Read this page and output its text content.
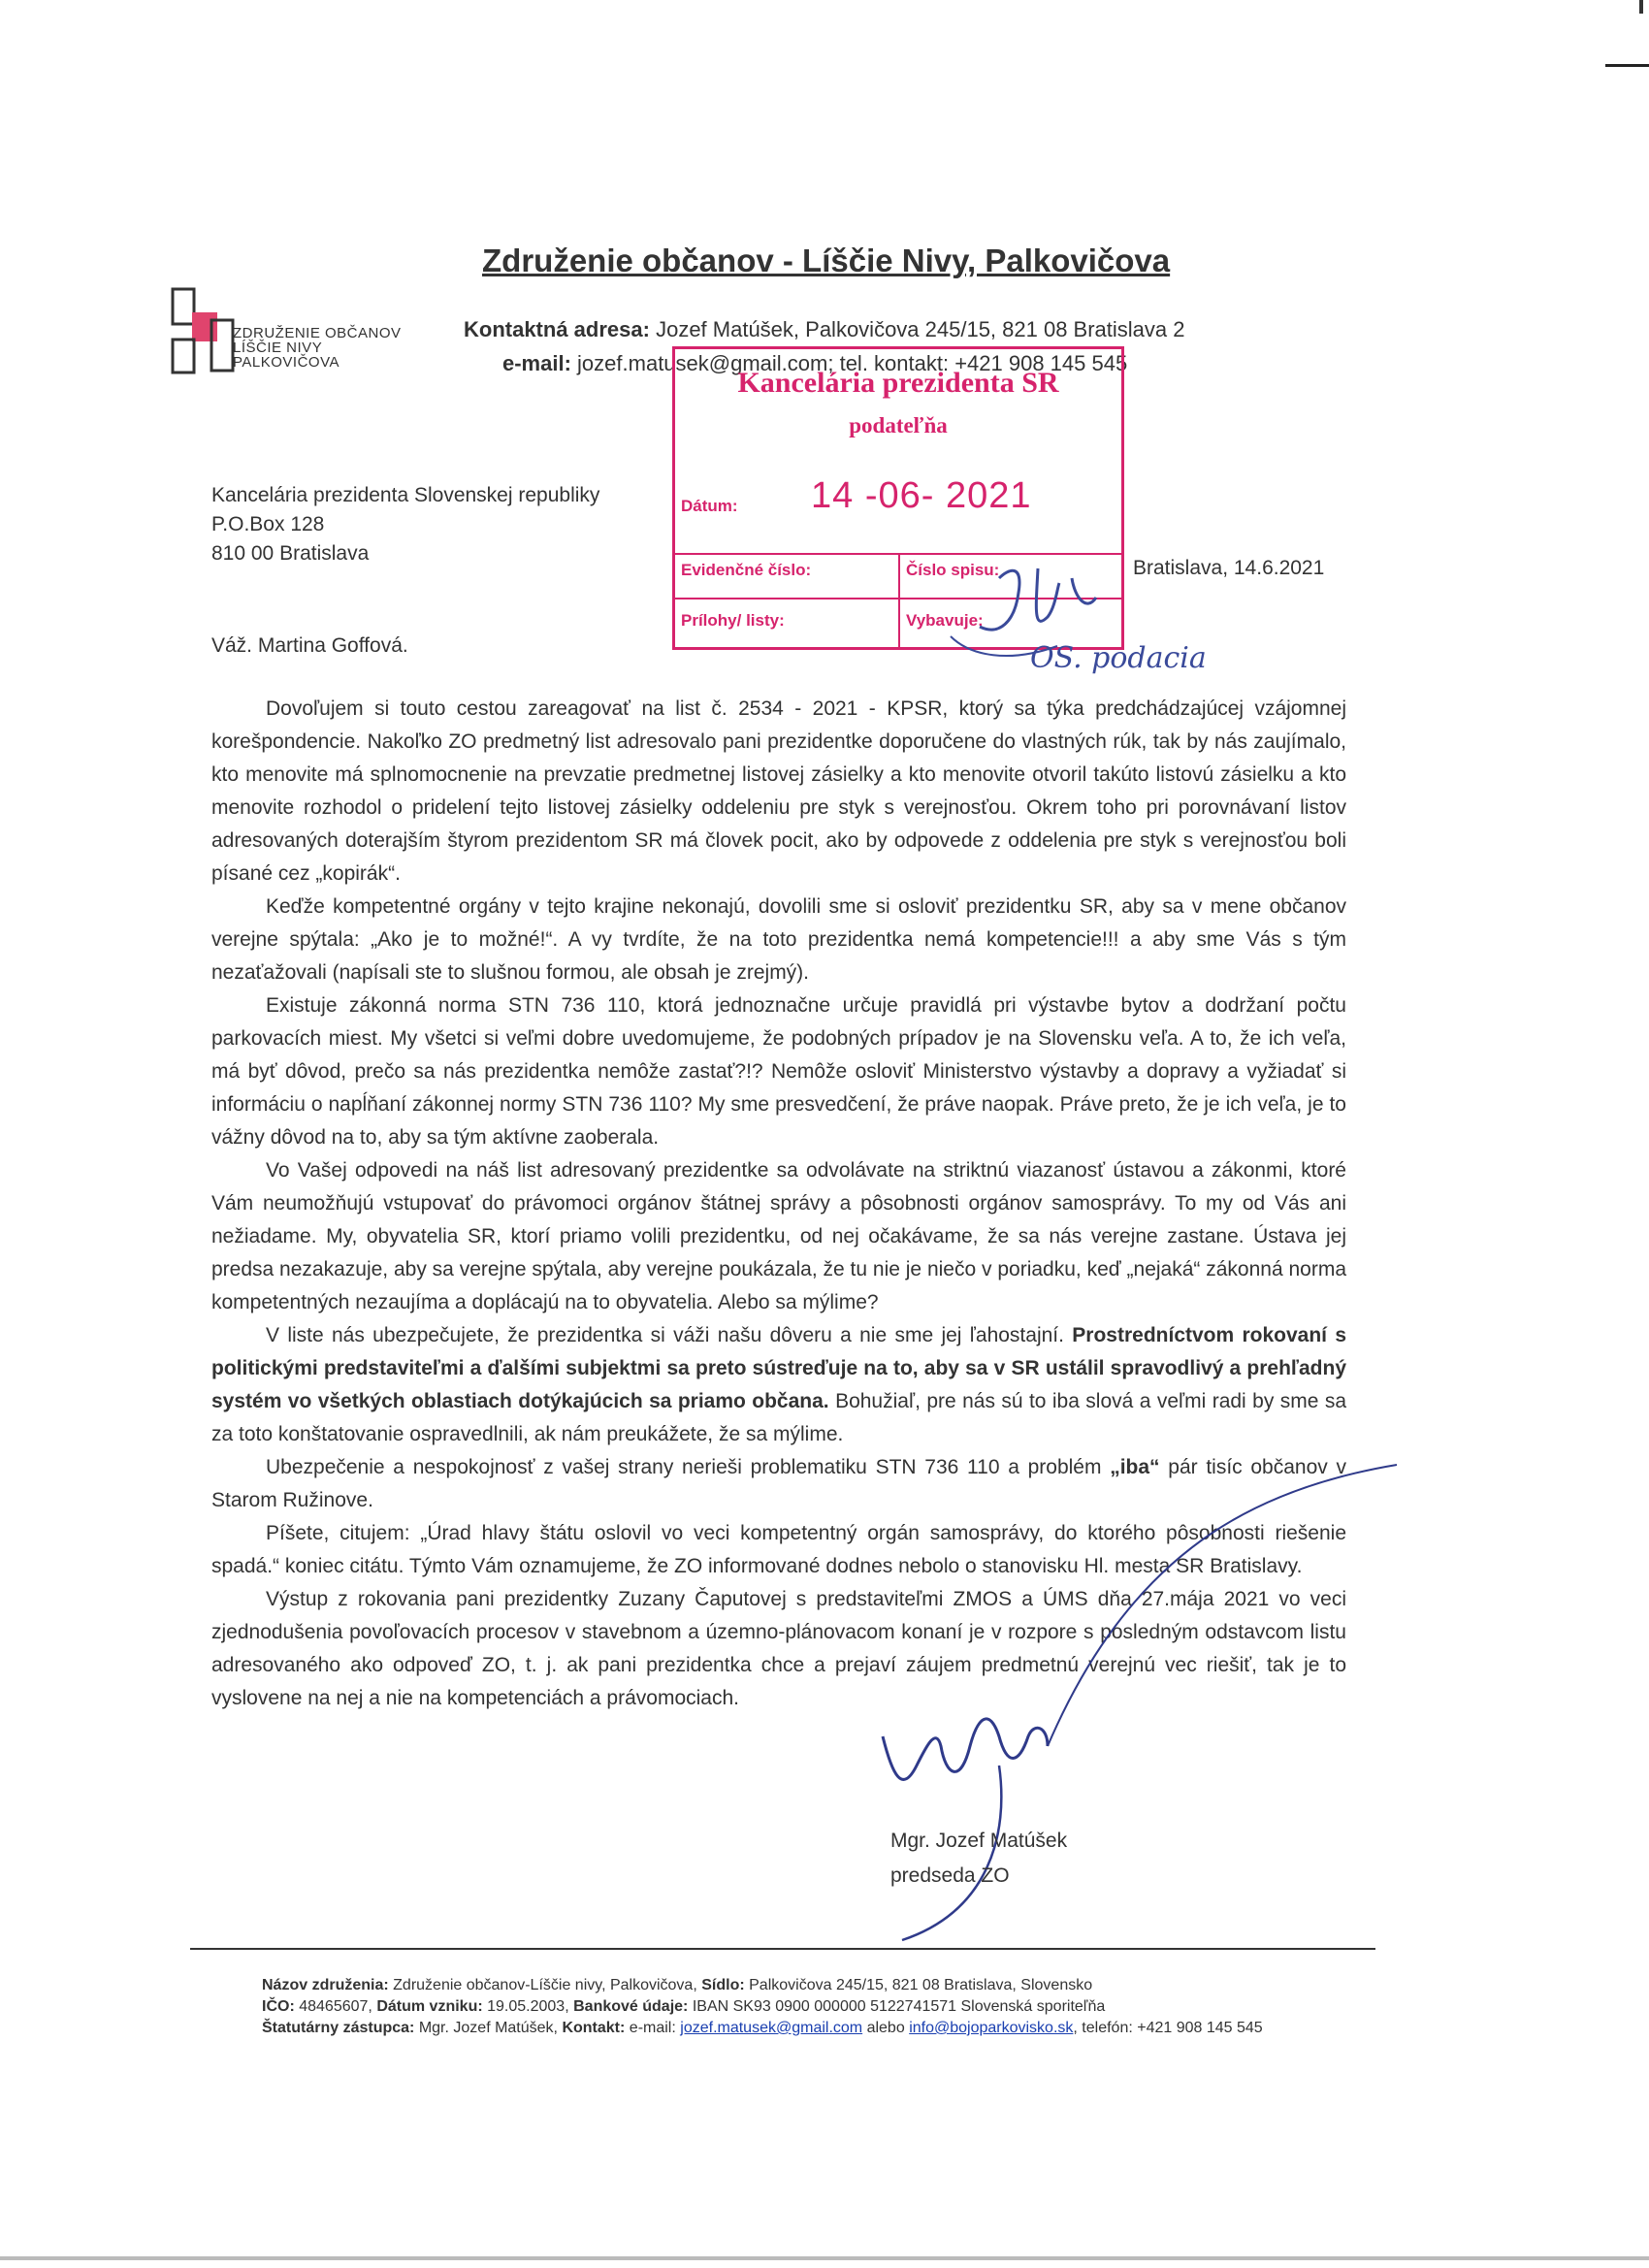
Združenie občanov - Líščie Nivy, Palkovičova
ZDRUŽENIE OBČANOV
LÍŠČIE NIVY
PALKOVIČOVA
Kontaktná adresa: Jozef Matúšek, Palkovičova 245/15, 821 08 Bratislava 2
e-mail: jozef.matusek@gmail.com; tel. kontakt: +421 908 145 545
Kancelária prezidenta SR
podateľňa
Dátum: 14 -06- 2021
Evidenčné číslo:	Číslo spisu:
Prílohy/ listy:	Vybavuje:
OS. podacia
Kancelária prezidenta Slovenskej republiky
P.O.Box 128
810 00 Bratislava
Bratislava, 14.6.2021
Váž. Martina Goffová.

Dovoľujem si touto cestou zareagovať na list č. 2534 - 2021 - KPSR, ktorý sa týka predchádzajúcej vzájomnej korešpondencie. Nakoľko ZO predmetný list adresovalo pani prezidentke doporučene do vlastných rúk, tak by nás zaujímalo, kto menovite má splnomocnenie na prevzatie predmetnej listovej zásielky a kto menovite otvoril takúto listovú zásielku a kto menovite rozhodol o pridelení tejto listovej zásielky oddeleniu pre styk s verejnosťou. Okrem toho pri porovnávaní listov adresovaných doterajším štyrom prezidentom SR má človek pocit, ako by odpovede z oddelenia pre styk s verejnosťou boli písané cez „kopirák“.

Keďže kompetentné orgány v tejto krajine nekonajú, dovolili sme si osloviť prezidentku SR, aby sa v mene občanov verejne spýtala: „Ako je to možné!“. A vy tvrdíte, že na toto prezidentka nemá kompetencie!!! a aby sme Vás s tým nezaťažovali (napísali ste to slušnou formou, ale obsah je zrejmý).

Existuje zákonná norma STN 736 110, ktorá jednoznačne určuje pravidlá pri výstavbe bytov a dodržaní počtu parkovacích miest. My všetci si veľmi dobre uvedomujeme, že podobných prípadov je na Slovensku veľa. A to, že ich veľa, má byť dôvod, prečo sa nás prezidentka nemôže zastať?!? Nemôže osloviť Ministerstvo výstavby a dopravy a vyžiadať si informáciu o napĺňaní zákonnej normy STN 736 110? My sme presvedčení, že práve naopak. Práve preto, že je ich veľa, je to vážny dôvod na to, aby sa tým aktívne zaoberala.

Vo Vašej odpovedi na náš list adresovaný prezidentke sa odvolávate na striktnú viazanosť ústavou a zákonmi, ktoré Vám neumožňujú vstupovať do právomoci orgánov štátnej správy a pôsobnosti orgánov samosprávy. To my od Vás ani nežiadame. My, obyvatelia SR, ktorí priamo volili prezidentku, od nej očakávame, že sa nás verejne zastane. Ústava jej predsa nezakazuje, aby sa verejne spýtala, aby verejne poukázala, že tu nie je niečo v poriadku, keď „nejaká“ zákonná norma kompetentných nezaujíma a doplácajú na to obyvatelia. Alebo sa mýlime?

V liste nás ubezpečujete, že prezidentka si váži našu dôveru a nie sme jej ľahostajní. Prostredníctvom rokovaní s politickými predstaviteľmi a ďalšími subjektmi sa preto sústreďuje na to, aby sa v SR ustálil spravodlivý a prehľadný systém vo všetkých oblastiach dotýkajúcich sa priamo občana. Bohužiaľ, pre nás sú to iba slová a veľmi radi by sme sa za toto konštatovanie ospravedlnili, ak nám preukážete, že sa mýlime.

Ubezpečenie a nespokojnosť z vašej strany nerieši problematiku STN 736 110 a problém „iba“ pár tisíc občanov v Starom Ružinove.

Píšete, citujem: „Úrad hlavy štátu oslovil vo veci kompetentný orgán samosprávy, do ktorého pôsobnosti riešenie spadá.“ koniec citátu. Týmto Vám oznamujeme, že ZO informované dodnes nebolo o stanovisku Hl. mesta SR Bratislavy.

Výstup z rokovania pani prezidentky Zuzany Čaputovej s predstaviteľmi ZMOS a ÚMS dňa 27.mája 2021 vo veci zjednodušenia povoľovacích procesov v stavebnom a územno-plánovacom konaní je v rozpore s posledným odstavcom listu adresovaného ako odpoveď ZO, t. j. ak pani prezidentka chce a prejaví záujem predmetnú verejnú vec riešiť, tak je to vyslovene na nej a nie na kompetenciách a právomociach.

Mgr. Jozef Matúšek
predseda ZO
Názov združenia: Združenie občanov-Líščie nivy, Palkovičova, Sídlo: Palkovičova 245/15, 821 08 Bratislava, Slovensko
IČO: 48465607, Dátum vzniku: 19.05.2003, Bankové údaje: IBAN SK93 0900 000000 5122741571 Slovenská sporiteľňa
Štatutárny zástupca: Mgr. Jozef Matúšek, Kontakt: e-mail: jozef.matusek@gmail.com alebo info@bojoparkovisko.sk, telefón: +421 908 145 545
